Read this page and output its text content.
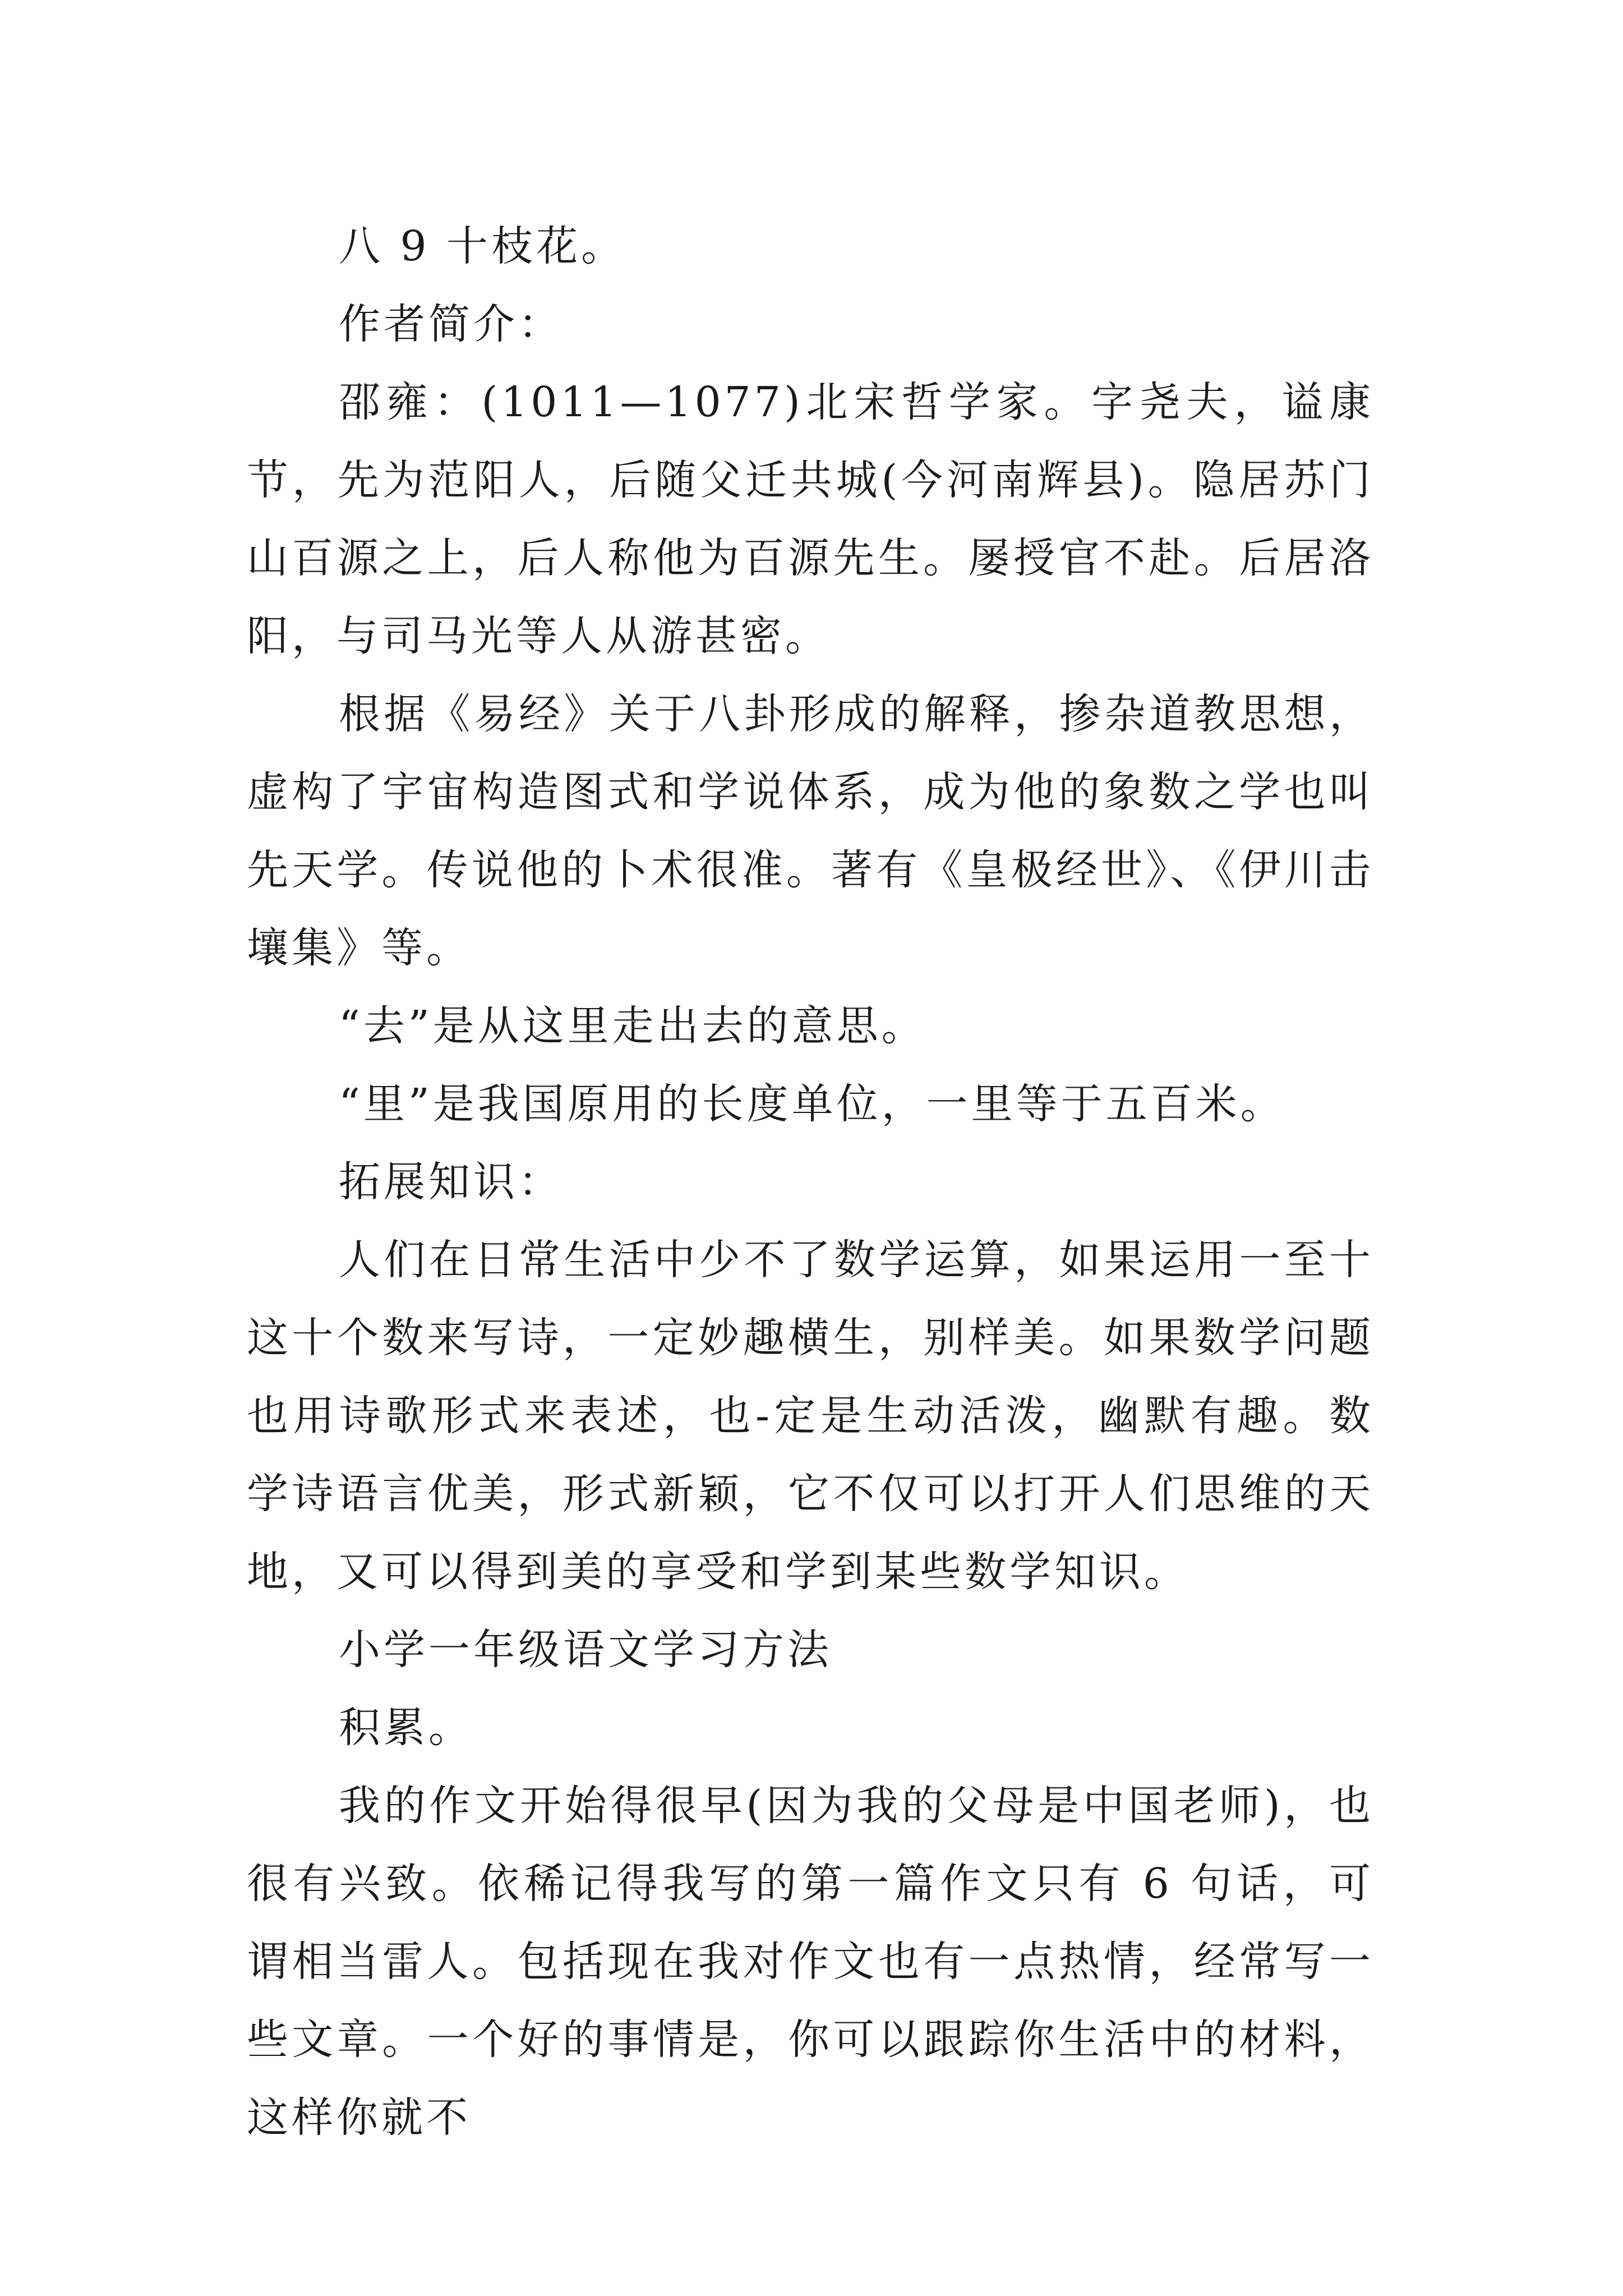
八 9 十枝花。

作者简介：

邵雍：(1011—1077)北宋哲学家。字尧夫，谥康节，先为范阳人，后随父迁共城(今河南辉县)。隐居苏门山百源之上，后人称他为百源先生。屡授官不赴。后居洛阳，与司马光等人从游甚密。

根据《易经》关于八卦形成的解释，掺杂道教思想，虚构了宇宙构造图式和学说体系，成为他的象数之学也叫先天学。传说他的卜术很准。著有《皇极经世》、《伊川击壤集》等。

“去”是从这里走出去的意思。

“里”是我国原用的长度单位，一里等于五百米。

拓展知识：

人们在日常生活中少不了数学运算，如果运用一至十这十个数来写诗，一定妙趣横生，别样美。如果数学问题也用诗歌形式来表述，也-定是生动活泼，幽默有趣。数学诗语言优美，形式新颖，它不仅可以打开人们思维的天地，又可以得到美的享受和学到某些数学知识。

小学一年级语文学习方法

积累。

我的作文开始得很早(因为我的父母是中国老师)，也很有兴致。依稀记得我写的第一篇作文只有 6 句话，可谓相当雷人。包括现在我对作文也有一点热情，经常写一些文章。一个好的事情是，你可以跟踪你生活中的材料，这样你就不
